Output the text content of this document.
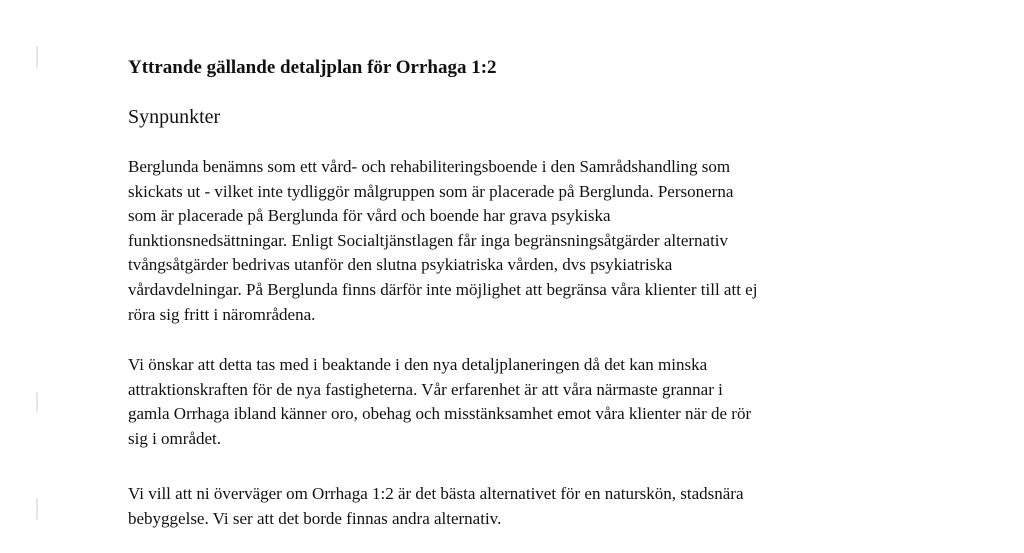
Yttrande gällande detaljplan för Orrhaga 1:2
Synpunkter

Berglunda benämns som ett vård- och rehabiliteringsboende i den Samrådshandling som
skickats ut - vilket inte tydliggör målgruppen som är placerade på Berglunda. Personerna
som är placerade på Berglunda för vård och boende har grava psykiska
funktionsnedsättningar. Enligt Socialtjänstlagen får inga begränsningsåtgärder alternativ
tvångsåtgärder bedrivas utanför den slutna psykiatriska vården, dvs psykiatriska
vårdavdelningar. På Berglunda finns därför inte möjlighet att begränsa våra klienter till att ej
röra sig fritt i närområdena.

Vi önskar att detta tas med i beaktande i den nya detaljplaneringen då det kan minska
attraktionskraften för de nya fastigheterna. Vår erfarenhet är att våra närmaste grannar i
gamla Orrhaga ibland känner oro, obehag och misstänksamhet emot våra klienter när de rör
sig i området.

Vi vill att ni överväger om Orrhaga 1:2 är det bästa alternativet för en naturskön, stadsnära
bebyggelse. Vi ser att det borde finnas andra alternativ.
